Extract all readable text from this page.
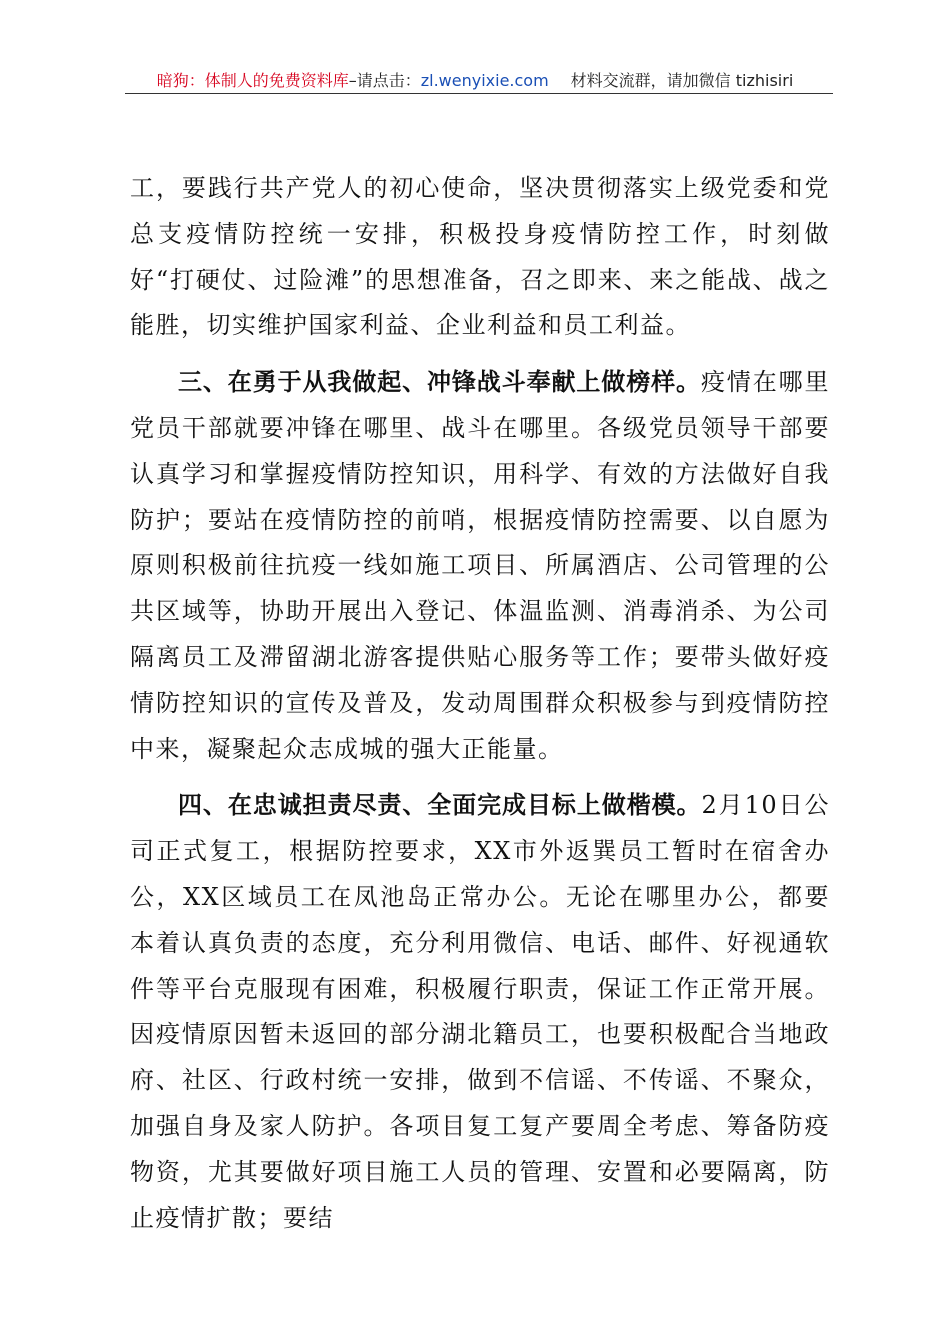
暗狗：体制人的免费资料库–请点击：zl.wenyixie.com 材料交流群，请加微信 tizhisiri

工，要践行共产党人的初心使命，坚决贯彻落实上级党委和党总支疫情防控统一安排，积极投身疫情防控工作，时刻做好“打硬仗、过险滩”的思想准备，召之即来、来之能战、战之能胜，切实维护国家利益、企业利益和员工利益。

三、在勇于从我做起、冲锋战斗奉献上做榜样。疫情在哪里党员干部就要冲锋在哪里、战斗在哪里。各级党员领导干部要认真学习和掌握疫情防控知识，用科学、有效的方法做好自我防护；要站在疫情防控的前哨，根据疫情防控需要、以自愿为原则积极前往抗疫一线如施工项目、所属酒店、公司管理的公共区域等，协助开展出入登记、体温监测、消毒消杀、为公司隔离员工及滞留湖北游客提供贴心服务等工作；要带头做好疫情防控知识的宣传及普及，发动周围群众积极参与到疫情防控中来，凝聚起众志成城的强大正能量。

四、在忠诚担责尽责、全面完成目标上做楷模。2月10日公司正式复工，根据防控要求，XX市外返巽员工暂时在宿舍办公，XX区域员工在凤池岛正常办公。无论在哪里办公，都要本着认真负责的态度，充分利用微信、电话、邮件、好视通软件等平台克服现有困难，积极履行职责，保证工作正常开展。因疫情原因暂未返回的部分湖北籍员工，也要积极配合当地政府、社区、行政村统一安排，做到不信谣、不传谣、不聚众，加强自身及家人防护。各项目复工复产要周全考虑、筹备防疫物资，尤其要做好项目施工人员的管理、安置和必要隔离，防止疫情扩散；要结
